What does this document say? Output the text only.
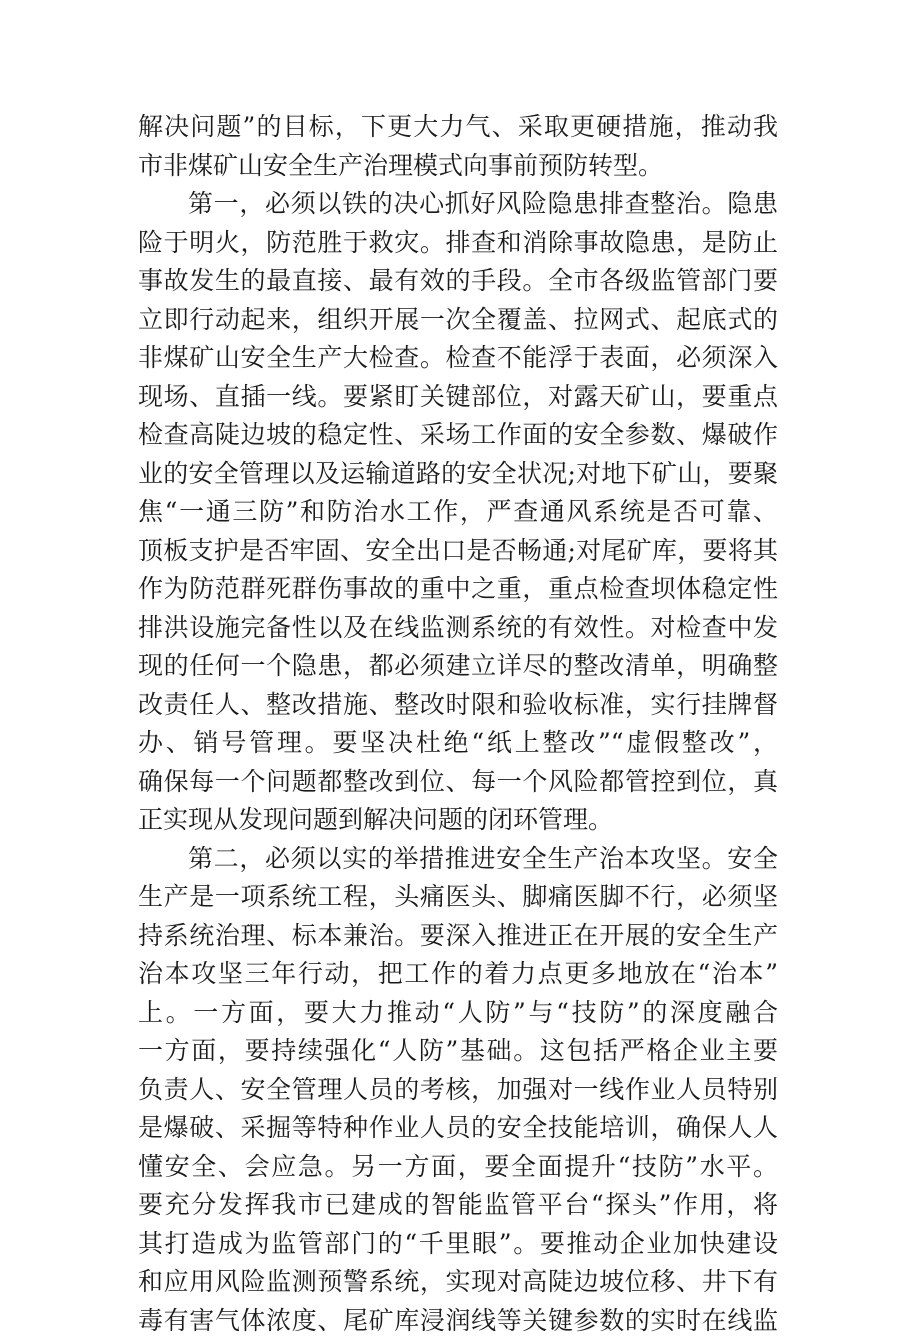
解决问题”的目标，下更大力气、采取更硬措施，推动我
市非煤矿山安全生产治理模式向事前预防转型。
第一，必须以铁的决心抓好风险隐患排查整治。隐患
险于明火，防范胜于救灾。排查和消除事故隐患，是防止
事故发生的最直接、最有效的手段。全市各级监管部门要
立即行动起来，组织开展一次全覆盖、拉网式、起底式的
非煤矿山安全生产大检查。检查不能浮于表面，必须深入
现场、直插一线。要紧盯关键部位，对露天矿山，要重点
检查高陡边坡的稳定性、采场工作面的安全参数、爆破作
业的安全管理以及运输道路的安全状况;对地下矿山，要聚
焦“一通三防”和防治水工作，严查通风系统是否可靠、
顶板支护是否牢固、安全出口是否畅通;对尾矿库，要将其
作为防范群死群伤事故的重中之重，重点检查坝体稳定性
排洪设施完备性以及在线监测系统的有效性。对检查中发
现的任何一个隐患，都必须建立详尽的整改清单，明确整
改责任人、整改措施、整改时限和验收标准，实行挂牌督
办、销号管理。要坚决杜绝“纸上整改”“虚假整改”，
确保每一个问题都整改到位、每一个风险都管控到位，真
正实现从发现问题到解决问题的闭环管理。
第二，必须以实的举措推进安全生产治本攻坚。安全
生产是一项系统工程，头痛医头、脚痛医脚不行，必须坚
持系统治理、标本兼治。要深入推进正在开展的安全生产
治本攻坚三年行动，把工作的着力点更多地放在“治本”
上。一方面，要大力推动“人防”与“技防”的深度融合
一方面，要持续强化“人防”基础。这包括严格企业主要
负责人、安全管理人员的考核，加强对一线作业人员特别
是爆破、采掘等特种作业人员的安全技能培训，确保人人
懂安全、会应急。另一方面，要全面提升“技防”水平。
要充分发挥我市已建成的智能监管平台“探头”作用，将
其打造成为监管部门的“千里眼”。要推动企业加快建设
和应用风险监测预警系统，实现对高陡边坡位移、井下有
毒有害气体浓度、尾矿库浸润线等关键参数的实时在线监
